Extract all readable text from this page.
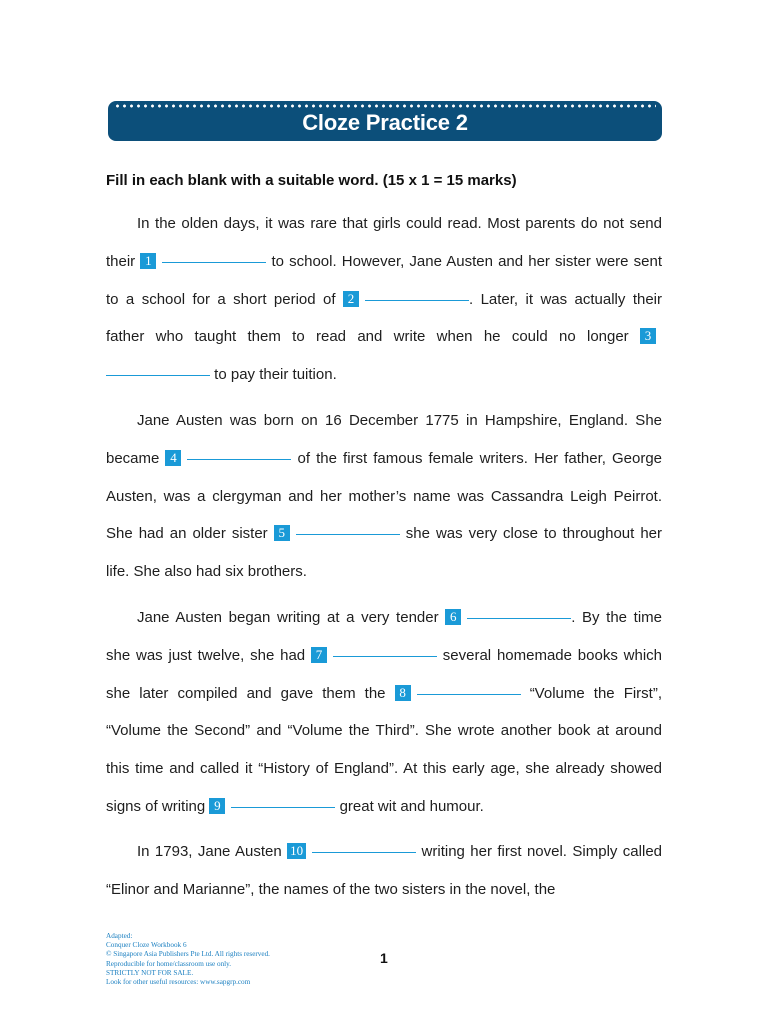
Cloze Practice 2
Fill in each blank with a suitable word. (15 x 1 = 15 marks)

In the olden days, it was rare that girls could read. Most parents do not send their 1	to school. However, Jane Austen and her sister were sent to a school for a short period of 2	. Later, it was actually their father who taught them to read and write when he could no longer 3  to pay their tuition.

Jane Austen was born on 16 December 1775 in Hampshire, England. She became 4	of the first famous female writers. Her father, George Austen, was a clergyman and her mother’s name was Cassandra Leigh Peirrot. She had an older sister 5	she was very close to throughout her life. She also had six brothers.

Jane Austen began writing at a very tender 6	. By the time she was just twelve, she had 7	several homemade books which she later compiled and gave them the 8	“Volume the First”, “Volume the Second” and “Volume the Third”. She wrote another book at around this time and called it “History of England”. At this early age, she already showed signs of writing 9	great wit and humour.

In 1793, Jane Austen 10	writing her first novel. Simply called “Elinor and Marianne”, the names of the two sisters in the novel, the

Adapted:
Conquer Cloze Workbook 6
© Singapore Asia Publishers Pte Ltd. All rights reserved.
Reproducible for home/classroom use only.
STRICTLY NOT FOR SALE.
Look for other useful resources: www.sapgrp.com
1
